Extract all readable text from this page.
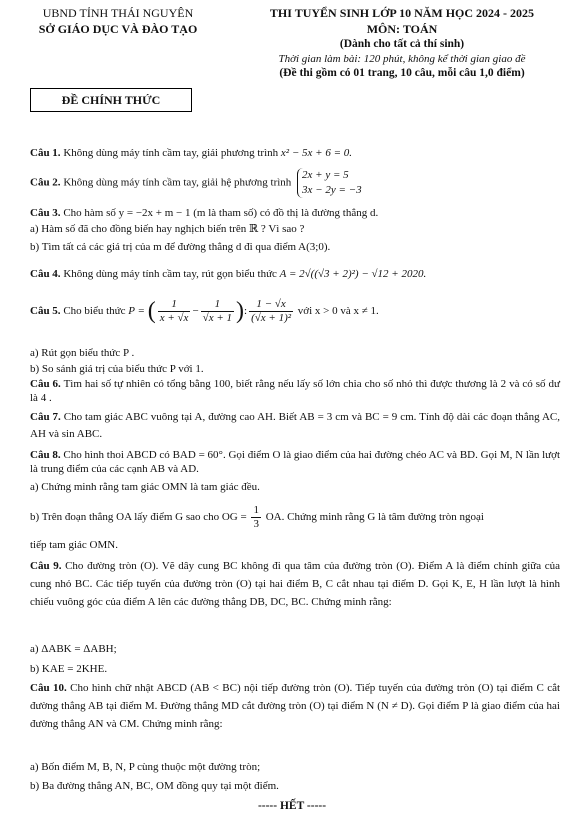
UBND TỈNH THÁI NGUYÊN
SỞ GIÁO DỤC VÀ ĐÀO TẠO
ĐỀ CHÍNH THỨC
THI TUYỂN SINH LỚP 10 NĂM HỌC 2024 - 2025
MÔN: TOÁN
(Dành cho tất cả thí sinh)
Thời gian làm bài: 120 phút, không kể thời gian giao đề
(Đề thi gồm có 01 trang, 10 câu, mỗi câu 1,0 điểm)
Câu 1. Không dùng máy tính cầm tay, giải phương trình x² − 5x + 6 = 0.
Câu 2. Không dùng máy tính cầm tay, giải hệ phương trình
2x + y = 5
3x − 2y = −3
Câu 3. Cho hàm số y = −2x + m − 1 (m là tham số) có đồ thị là đường thẳng d.
a) Hàm số đã cho đồng biến hay nghịch biến trên ℝ ? Vì sao ?
b) Tìm tất cả các giá trị của m để đường thẳng d đi qua điểm A(3;0).
Câu 4. Không dùng máy tính cầm tay, rút gọn biểu thức A = 2√((√3 + 2)²) − √12 + 2020.
Câu 5. Cho biểu thức P = ( $\frac{1}{x + √x} - \frac{1}{√x + 1}$ ): $\frac{1 - √x}{\text{(√x + 1)²}}$ với x > 0 và x ≠ 1.
a) Rút gọn biểu thức P .
b) So sánh giá trị của biểu thức P với 1.
Câu 6. Tìm hai số tự nhiên có tổng bằng 100, biết rằng nếu lấy số lớn chia cho số nhỏ thì được thương là 2 và có số dư là 4 .
Câu 7. Cho tam giác ABC vuông tại A, đường cao AH. Biết AB = 3 cm và BC = 9 cm. Tính độ dài các đoạn thẳng AC, AH và sin ABC.
Câu 8. Cho hình thoi ABCD có BAD = 60°. Gọi điểm O là giao điểm của hai đường chéo AC và BD. Gọi M, N lần lượt là trung điểm của các cạnh AB và AD.
a) Chứng minh rằng tam giác OMN là tam giác đều.
b) Trên đoạn thẳng OA lấy điểm G sao cho OG = $\frac{1}{3}$ OA. Chứng minh rằng G là tâm đường tròn ngoại
tiếp tam giác OMN.
Câu 9. Cho đường tròn (O). Vẽ dây cung BC không đi qua tâm của đường tròn (O). Điểm A là điểm chính giữa của cung nhỏ BC. Các tiếp tuyến của đường tròn (O) tại hai điểm B, C cắt nhau tại điểm D. Gọi K, E, H lần lượt là hình chiếu vuông góc của điểm A lên các đường thẳng DB, DC, BC. Chứng minh rằng:
a) ΔABK = ΔABH;
b) KAE = 2KHE.
Câu 10. Cho hình chữ nhật ABCD (AB < BC) nội tiếp đường tròn (O). Tiếp tuyến của đường tròn (O) tại điểm C cắt đường thẳng AB tại điểm M. Đường thẳng MD cắt đường tròn (O) tại điểm N (N ≠ D). Gọi điểm P là giao điểm của hai đường thẳng AN và CM. Chứng minh rằng:
a) Bốn điểm M, B, N, P cùng thuộc một đường tròn;
b) Ba đường thẳng AN, BC, OM đồng quy tại một điểm.
----- HẾT -----
